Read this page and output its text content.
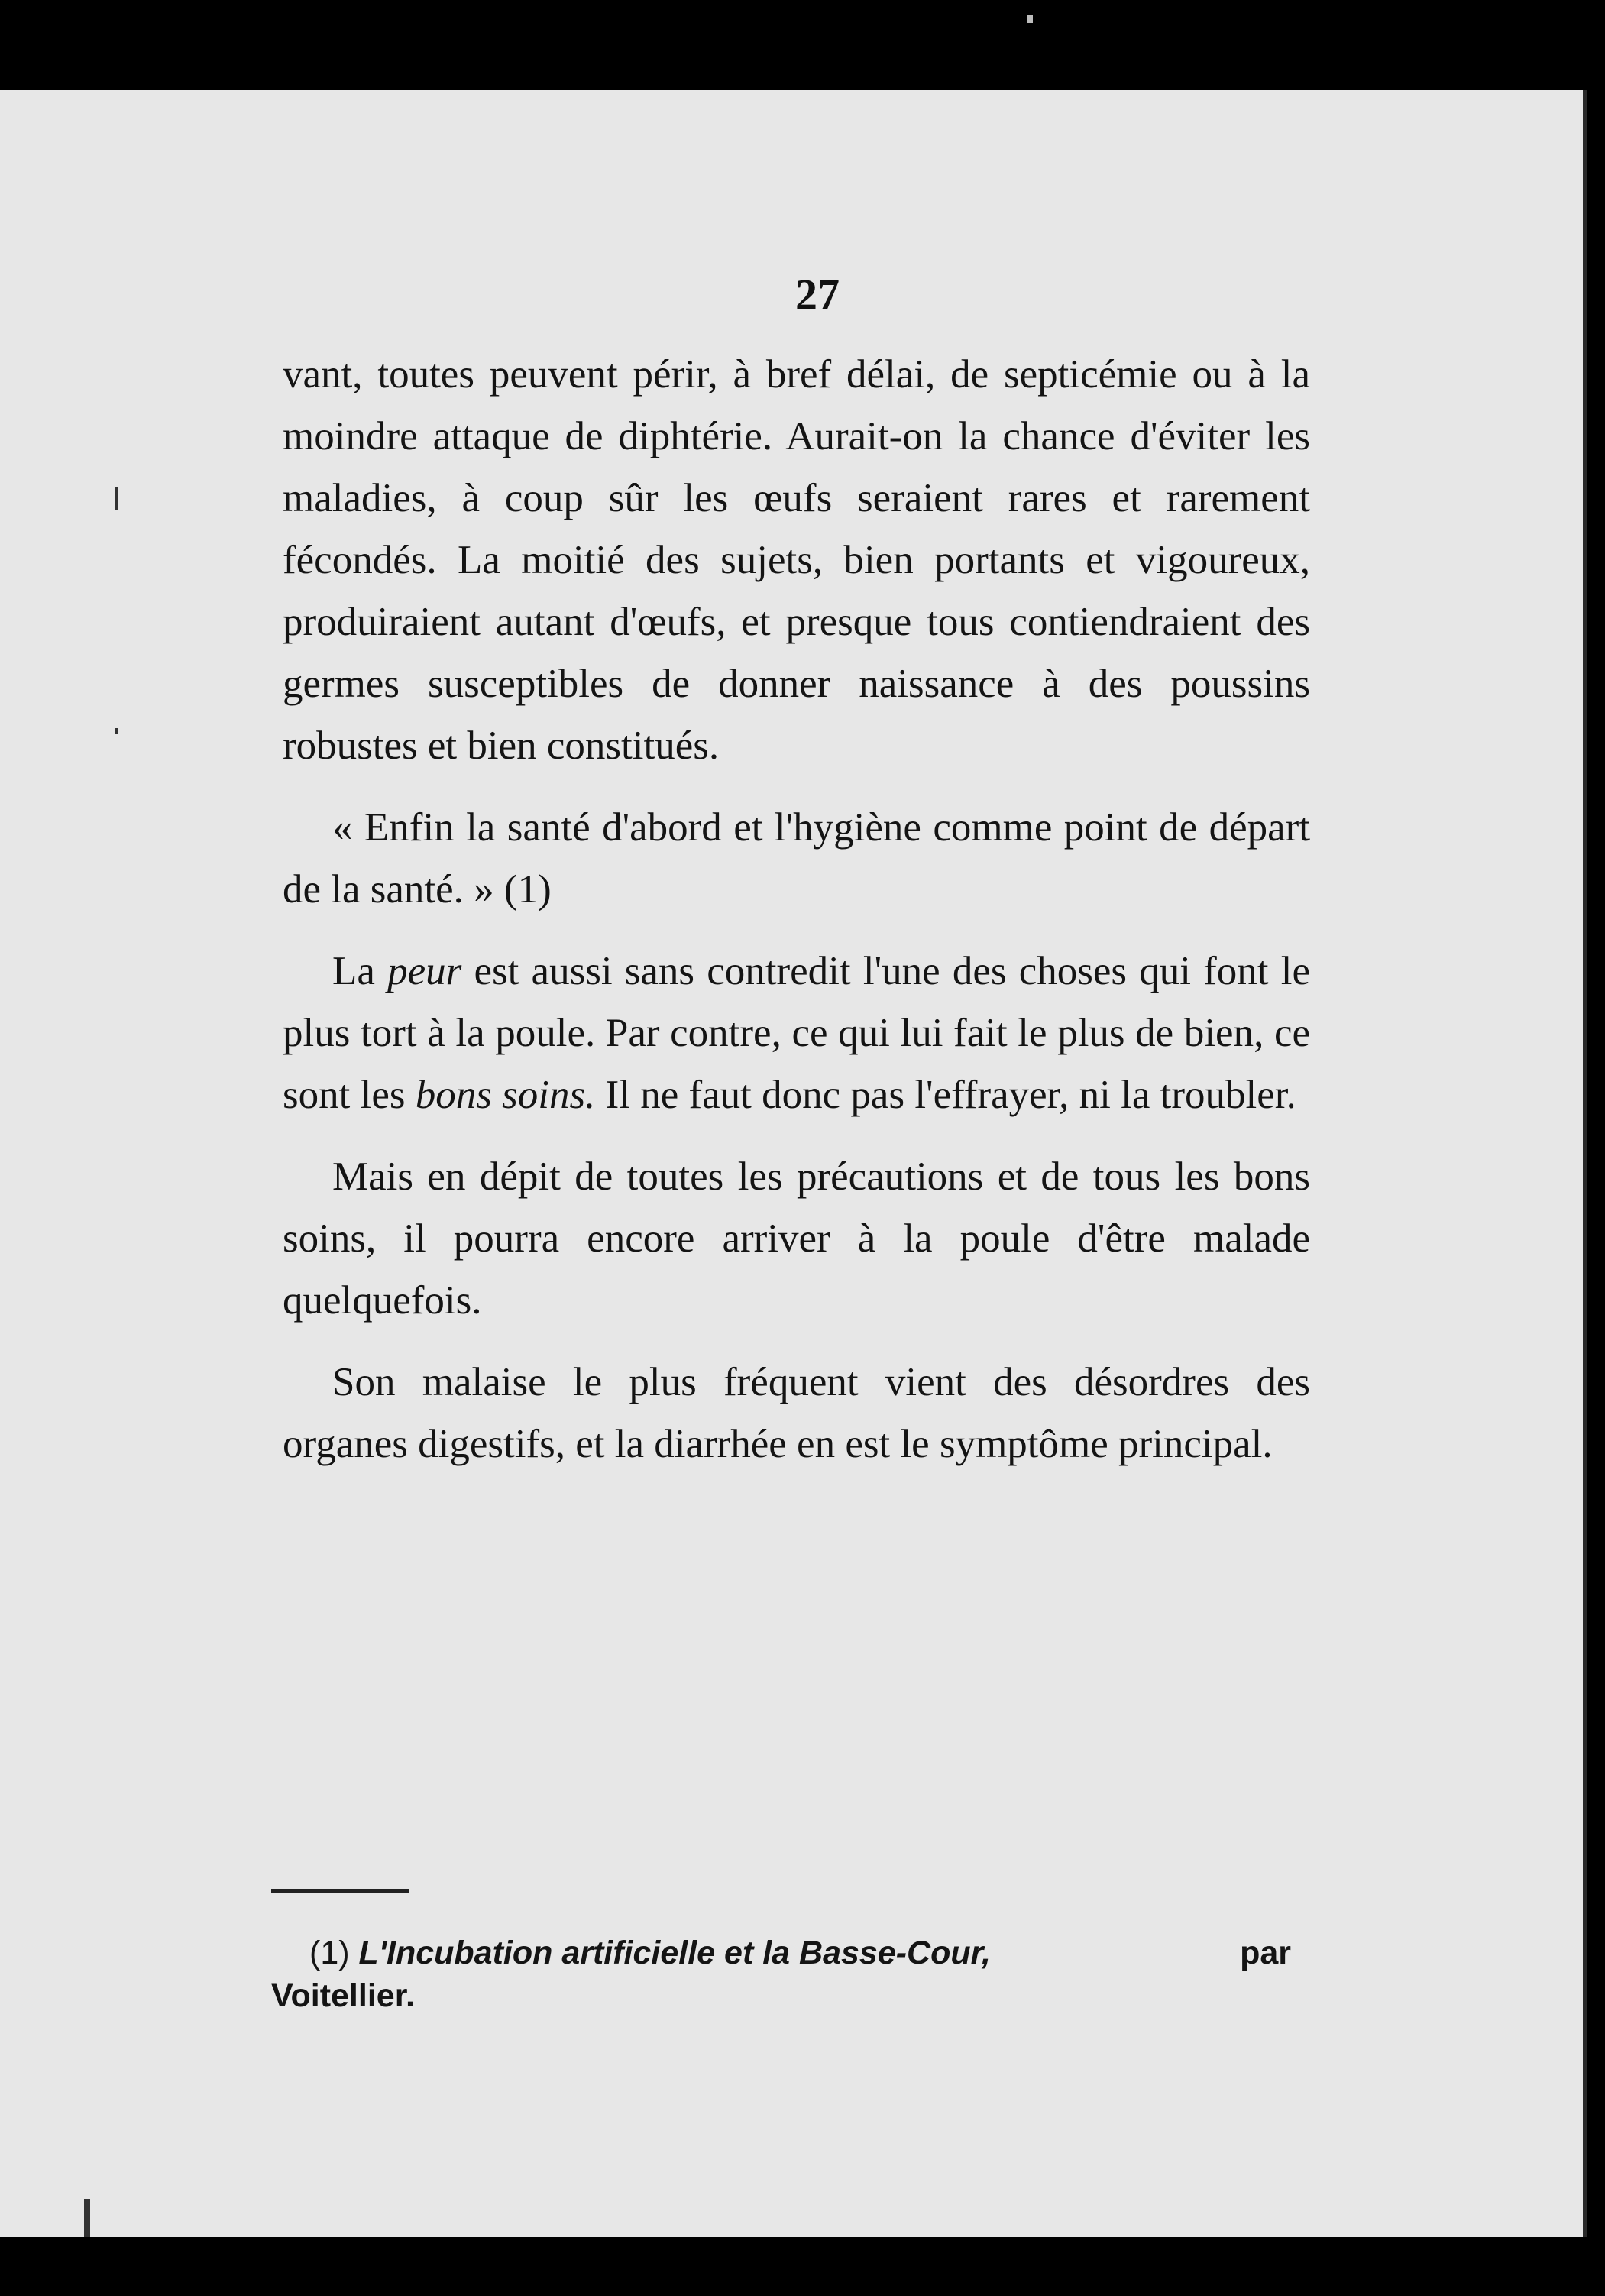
27

vant, toutes peuvent périr, à bref délai, de septicémie ou à la moindre attaque de diphtérie. Aurait-on la chance d'éviter les maladies, à coup sûr les œufs seraient rares et rarement fécondés. La moitié des sujets, bien portants et vigoureux, produiraient autant d'œufs, et presque tous contiendraient des germes susceptibles de donner naissance à des poussins robustes et bien constitués.

« Enfin la santé d'abord et l'hygiène comme point de départ de la santé. » (1)

La peur est aussi sans contredit l'une des choses qui font le plus tort à la poule. Par contre, ce qui lui fait le plus de bien, ce sont les bons soins. Il ne faut donc pas l'effrayer, ni la troubler.

Mais en dépit de toutes les précautions et de tous les bons soins, il pourra encore arriver à la poule d'être malade quelquefois.

Son malaise le plus fréquent vient des désordres des organes digestifs, et la diarrhée en est le symptôme principal.

par
(1) L'Incubation artificielle et la Basse-Cour,
Voitellier.
